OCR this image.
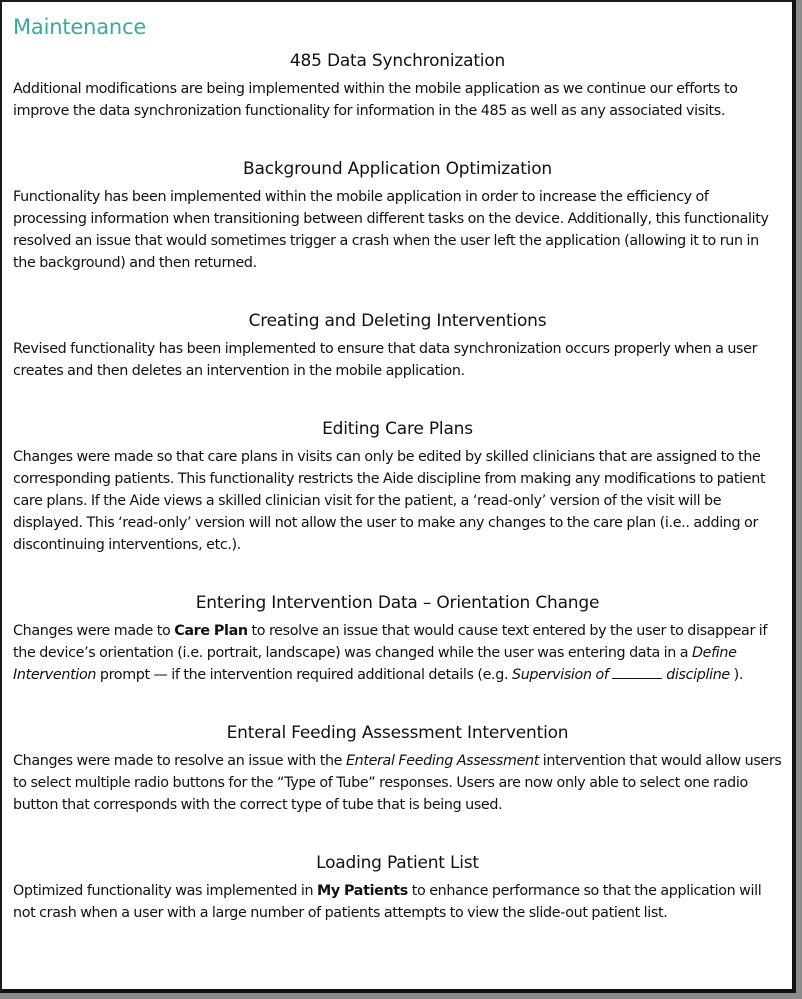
Maintenance
485 Data Synchronization

Additional modifications are being implemented within the mobile application as we continue our efforts to improve the data synchronization functionality for information in the 485 as well as any associated visits.

Background Application Optimization

Functionality has been implemented within the mobile application in order to increase the efficiency of processing information when transitioning between different tasks on the device. Additionally, this functionality resolved an issue that would sometimes trigger a crash when the user left the application (allowing it to run in the background) and then returned.

Creating and Deleting Interventions

Revised functionality has been implemented to ensure that data synchronization occurs properly when a user creates and then deletes an intervention in the mobile application.

Editing Care Plans

Changes were made so that care plans in visits can only be edited by skilled clinicians that are assigned to the corresponding patients. This functionality restricts the Aide discipline from making any modifications to patient care plans. If the Aide views a skilled clinician visit for the patient, a ‘read-only’ version of the visit will be displayed. This ‘read-only’ version will not allow the user to make any changes to the care plan (i.e.. adding or discontinuing interventions, etc.).

Entering Intervention Data – Orientation Change

Changes were made to Care Plan to resolve an issue that would cause text entered by the user to disappear if the device’s orientation (i.e. portrait, landscape) was changed while the user was entering data in a Define Intervention prompt — if the intervention required additional details (e.g. Supervision of	discipline ).

Enteral Feeding Assessment Intervention

Changes were made to resolve an issue with the Enteral Feeding Assessment intervention that would allow users to select multiple radio buttons for the “Type of Tube” responses. Users are now only able to select one radio button that corresponds with the correct type of tube that is being used.

Loading Patient List

Optimized functionality was implemented in My Patients to enhance performance so that the application will not crash when a user with a large number of patients attempts to view the slide-out patient list.
